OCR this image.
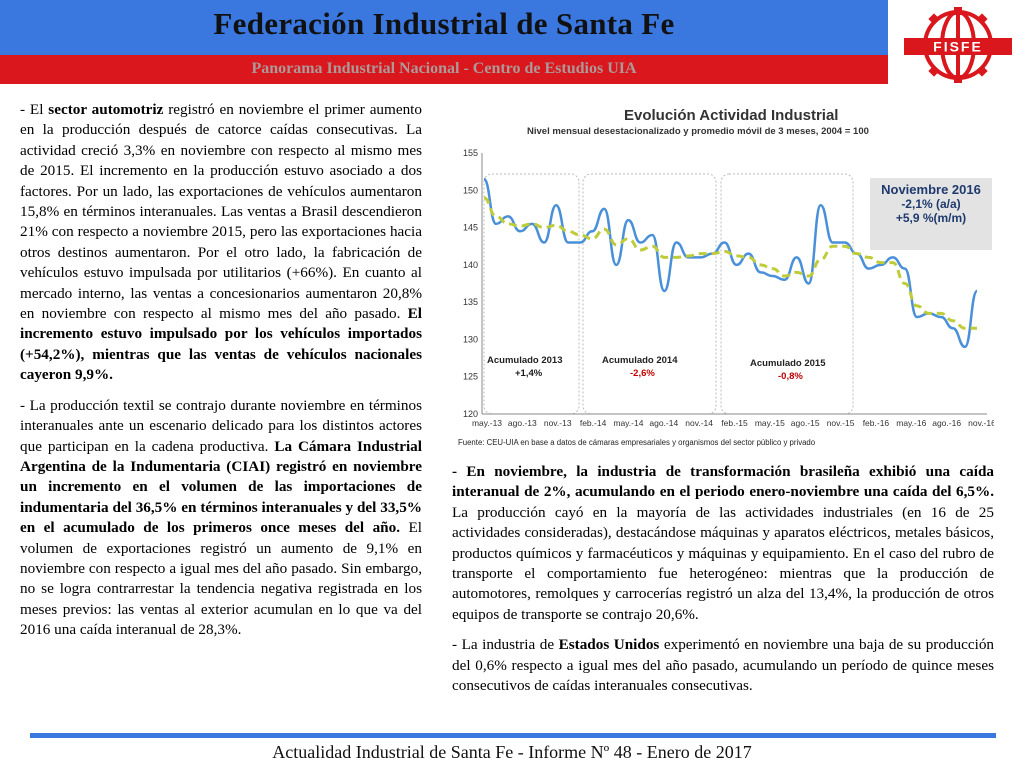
Federación Industrial de Santa Fe
Panorama Industrial Nacional - Centro de Estudios UIA
FISFE

- El sector automotriz registró en noviembre el primer aumento en la producción después de catorce caídas consecutivas. La actividad creció 3,3% en noviembre con respecto al mismo mes de 2015. El incremento en la producción estuvo asociado a dos factores. Por un lado, las exportaciones de vehículos aumentaron 15,8% en términos interanuales. Las ventas a Brasil descendieron 21% con respecto a noviembre 2015, pero las exportaciones hacia otros destinos aumentaron. Por el otro lado, la fabricación de vehículos estuvo impulsada por utilitarios (+66%). En cuanto al mercado interno, las ventas a concesionarios aumentaron 20,8% en noviembre con respecto al mismo mes del año pasado. El incremento estuvo impulsado por los vehículos importados (+54,2%), mientras que las ventas de vehículos nacionales cayeron 9,9%.

- La producción textil se contrajo durante noviembre en términos interanuales ante un escenario delicado para los distintos actores que participan en la cadena productiva. La Cámara Industrial Argentina de la Indumentaria (CIAI) registró en noviembre un incremento en el volumen de las importaciones de indumentaria del 36,5% en términos interanuales y del 33,5% en el acumulado de los primeros once meses del año. El volumen de exportaciones registró un aumento de 9,1% en noviembre con respecto a igual mes del año pasado. Sin embargo, no se logra contrarrestar la tendencia negativa registrada en los meses previos: las ventas al exterior acumulan en lo que va del 2016 una caída interanual de 28,3%.

Evolución Actividad Industrial
Nivel mensual desestacionalizado y promedio móvil de 3 meses, 2004 = 100
120
125
130
135
140
145
150
155
may.-13 ago.-13 nov.-13 feb.-14 may.-14 ago.-14 nov.-14 feb.-15 may.-15 ago.-15 nov.-15 feb.-16 may.-16 ago.-16 nov.-16
Acumulado 2013
+1,4%
Acumulado 2014
-2,6%
Acumulado 2015
-0,8%
Noviembre 2016
-2,1% (a/a)
+5,9 %(m/m)
Fuente: CEU-UIA en base a datos de cámaras empresariales y organismos del sector público y privado

- En noviembre, la industria de transformación brasileña exhibió una caída interanual de 2%, acumulando en el periodo enero-noviembre una caída del 6,5%. La producción cayó en la mayoría de las actividades industriales (en 16 de 25 actividades consideradas), destacándose máquinas y aparatos eléctricos, metales básicos, productos químicos y farmacéuticos y máquinas y equipamiento. En el caso del rubro de transporte el comportamiento fue heterogéneo: mientras que la producción de automotores, remolques y carrocerías registró un alza del 13,4%, la producción de otros equipos de transporte se contrajo 20,6%.

- La industria de Estados Unidos experimentó en noviembre una baja de su producción del 0,6% respecto a igual mes del año pasado, acumulando un período de quince meses consecutivos de caídas interanuales consecutivas.

Actualidad Industrial de Santa Fe - Informe Nº 48 - Enero de 2017
